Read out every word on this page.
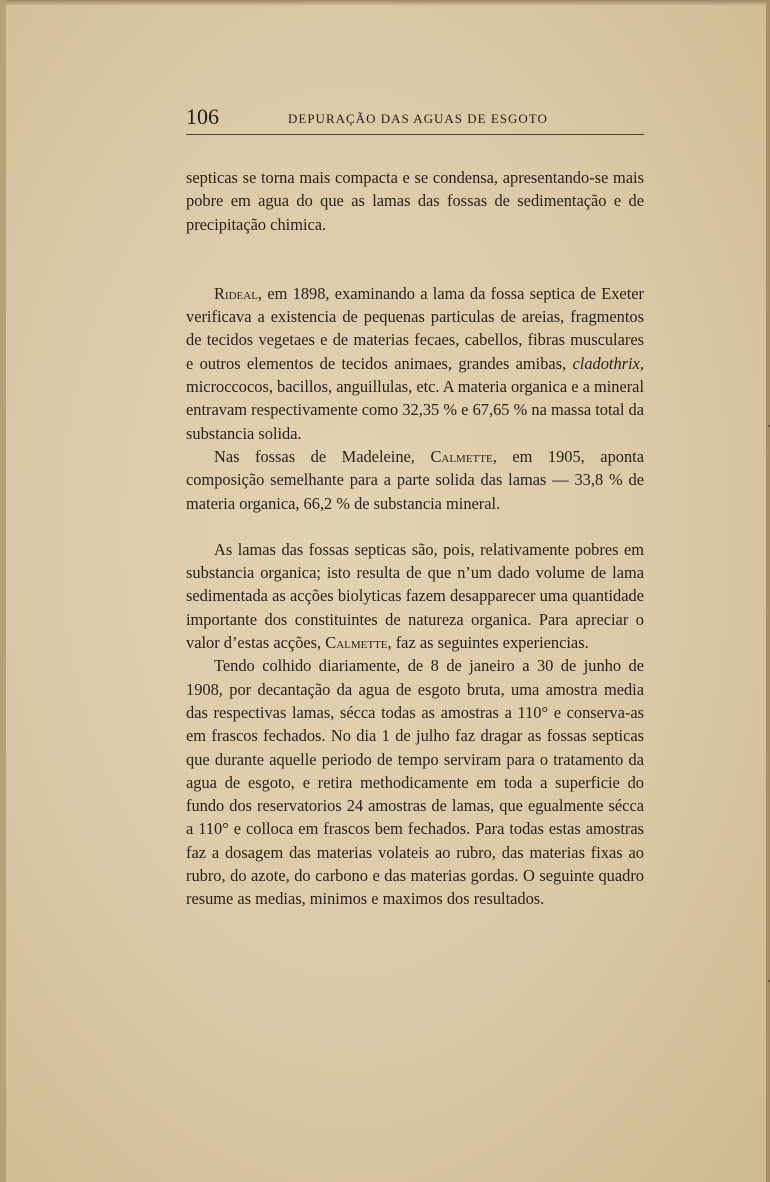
106	DEPURAÇÃO DAS AGUAS DE ESGOTO

septicas se torna mais compacta e se condensa, apresentando-se mais pobre em agua do que as lamas das fossas de sedimentação e de precipitação chimica.

Rideal, em 1898, examinando a lama da fossa septica de Exeter verificava a existencia de pequenas particulas de areias, fragmentos de tecidos vegetaes e de materias fecaes, cabellos, fibras musculares e outros elementos de tecidos animaes, grandes amibas, cladothrix, microccocos, bacillos, anguillulas, etc. A materia organica e a mineral entravam respectivamente como 32,35 % e 67,65 % na massa total da substancia solida.

Nas fossas de Madeleine, Calmette, em 1905, aponta composição semelhante para a parte solida das lamas — 33,8 % de materia organica, 66,2 % de substancia mineral.

As lamas das fossas septicas são, pois, relativamente pobres em substancia organica; isto resulta de que n’um dado volume de lama sedimentada as acções biolyticas fazem desapparecer uma quantidade importante dos constituintes de natureza organica. Para apreciar o valor d’estas acções, Calmette, faz as seguintes experiencias.

Tendo colhido diariamente, de 8 de janeiro a 30 de junho de 1908, por decantação da agua de esgoto bruta, uma amostra media das respectivas lamas, sécca todas as amostras a 110° e conserva-as em frascos fechados. No dia 1 de julho faz dragar as fossas septicas que durante aquelle periodo de tempo serviram para o tratamento da agua de esgoto, e retira methodicamente em toda a superficie do fundo dos reservatorios 24 amostras de lamas, que egualmente sécca a 110° e colloca em frascos bem fechados. Para todas estas amostras faz a dosagem das materias volateis ao rubro, das materias fixas ao rubro, do azote, do carbono e das materias gordas. O seguinte quadro resume as medias, minimos e maximos dos resultados.
